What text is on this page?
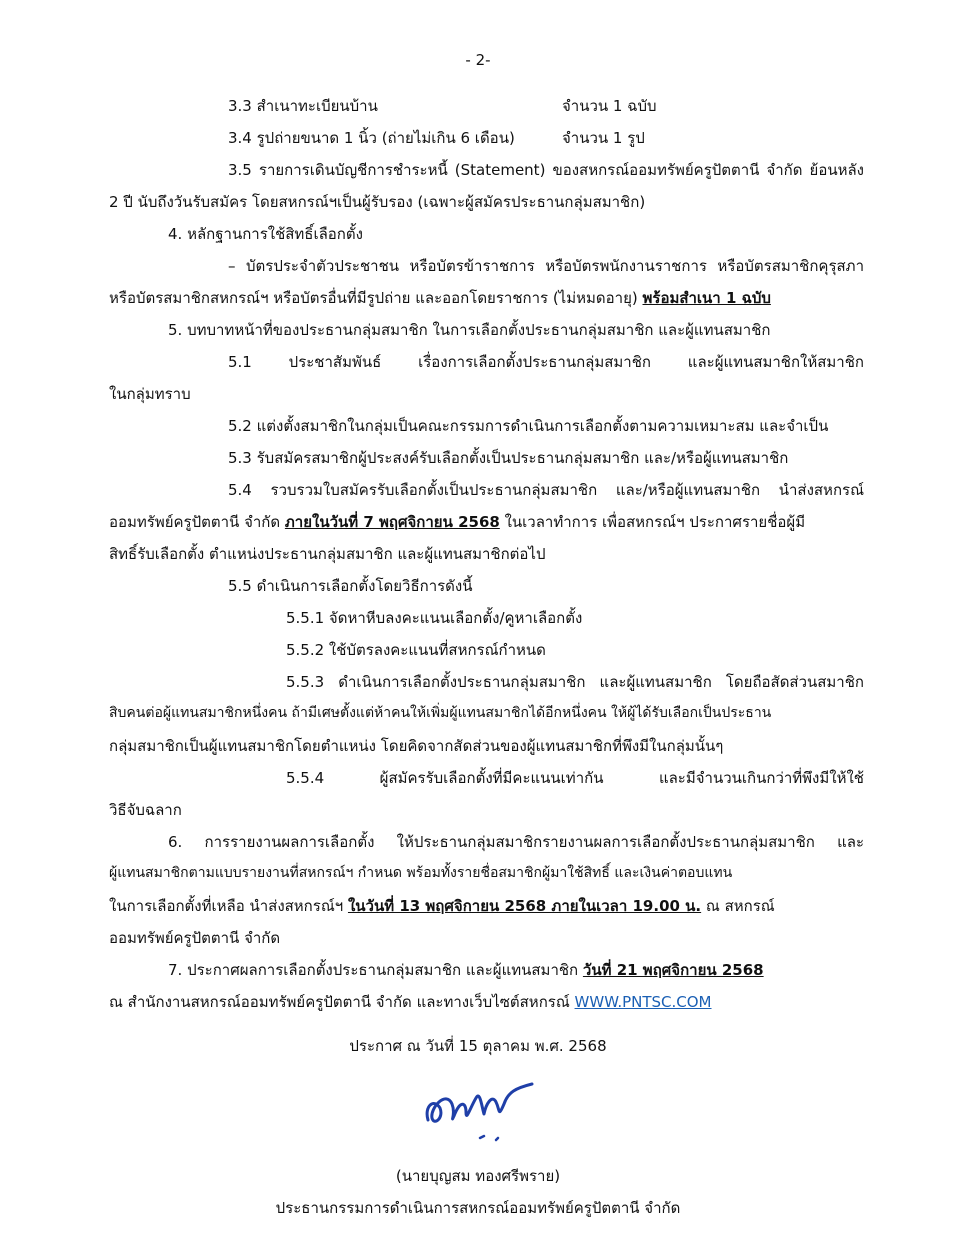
- 2-
3.3 สำเนาทะเบียนบ้าน	จำนวน 1 ฉบับ
3.4 รูปถ่ายขนาด 1 นิ้ว (ถ่ายไม่เกิน 6 เดือน)	จำนวน 1 รูป
3.5 รายการเดินบัญชีการชำระหนี้ (Statement) ของสหกรณ์ออมทรัพย์ครูปัตตานี จำกัด ย้อนหลัง
2 ปี นับถึงวันรับสมัคร โดยสหกรณ์ฯเป็นผู้รับรอง (เฉพาะผู้สมัครประธานกลุ่มสมาชิก)
4. หลักฐานการใช้สิทธิ์เลือกตั้ง
– บัตรประจำตัวประชาชน หรือบัตรข้าราชการ หรือบัตรพนักงานราชการ หรือบัตรสมาชิกคุรุสภา
หรือบัตรสมาชิกสหกรณ์ฯ หรือบัตรอื่นที่มีรูปถ่าย และออกโดยราชการ (ไม่หมดอายุ) พร้อมสำเนา 1 ฉบับ
5. บทบาทหน้าที่ของประธานกลุ่มสมาชิก ในการเลือกตั้งประธานกลุ่มสมาชิก และผู้แทนสมาชิก
5.1 ประชาสัมพันธ์ เรื่องการเลือกตั้งประธานกลุ่มสมาชิก และผู้แทนสมาชิกให้สมาชิก
ในกลุ่มทราบ
5.2 แต่งตั้งสมาชิกในกลุ่มเป็นคณะกรรมการดำเนินการเลือกตั้งตามความเหมาะสม และจำเป็น
5.3 รับสมัครสมาชิกผู้ประสงค์รับเลือกตั้งเป็นประธานกลุ่มสมาชิก และ/หรือผู้แทนสมาชิก
5.4 รวบรวมใบสมัครรับเลือกตั้งเป็นประธานกลุ่มสมาชิก และ/หรือผู้แทนสมาชิก นำส่งสหกรณ์
ออมทรัพย์ครูปัตตานี จำกัด ภายในวันที่ 7 พฤศจิกายน 2568 ในเวลาทำการ เพื่อสหกรณ์ฯ ประกาศรายชื่อผู้มี
สิทธิ์รับเลือกตั้ง ตำแหน่งประธานกลุ่มสมาชิก และผู้แทนสมาชิกต่อไป
5.5 ดำเนินการเลือกตั้งโดยวิธีการดังนี้
5.5.1 จัดหาหีบลงคะแนนเลือกตั้ง/คูหาเลือกตั้ง
5.5.2 ใช้บัตรลงคะแนนที่สหกรณ์กำหนด
5.5.3 ดำเนินการเลือกตั้งประธานกลุ่มสมาชิก และผู้แทนสมาชิก โดยถือสัดส่วนสมาชิก
สิบคนต่อผู้แทนสมาชิกหนึ่งคน ถ้ามีเศษตั้งแต่ห้าคนให้เพิ่มผู้แทนสมาชิกได้อีกหนึ่งคน ให้ผู้ได้รับเลือกเป็นประธาน
กลุ่มสมาชิกเป็นผู้แทนสมาชิกโดยตำแหน่ง โดยคิดจากสัดส่วนของผู้แทนสมาชิกที่พึงมีในกลุ่มนั้นๆ
5.5.4 ผู้สมัครรับเลือกตั้งที่มีคะแนนเท่ากัน และมีจำนวนเกินกว่าที่พึงมีให้ใช้
วิธีจับฉลาก
6. การรายงานผลการเลือกตั้ง ให้ประธานกลุ่มสมาชิกรายงานผลการเลือกตั้งประธานกลุ่มสมาชิก และ
ผู้แทนสมาชิกตามแบบรายงานที่สหกรณ์ฯ กำหนด พร้อมทั้งรายชื่อสมาชิกผู้มาใช้สิทธิ์ และเงินค่าตอบแทน
ในการเลือกตั้งที่เหลือ นำส่งสหกรณ์ฯ ในวันที่ 13 พฤศจิกายน 2568 ภายในเวลา 19.00 น. ณ สหกรณ์
ออมทรัพย์ครูปัตตานี จำกัด
7. ประกาศผลการเลือกตั้งประธานกลุ่มสมาชิก และผู้แทนสมาชิก วันที่ 21 พฤศจิกายน 2568
ณ สำนักงานสหกรณ์ออมทรัพย์ครูปัตตานี จำกัด และทางเว็บไซต์สหกรณ์ WWW.PNTSC.COM
ประกาศ ณ วันที่ 15 ตุลาคม พ.ศ. 2568
(นายบุญสม ทองศรีพราย)
ประธานกรรมการดำเนินการสหกรณ์ออมทรัพย์ครูปัตตานี จำกัด
